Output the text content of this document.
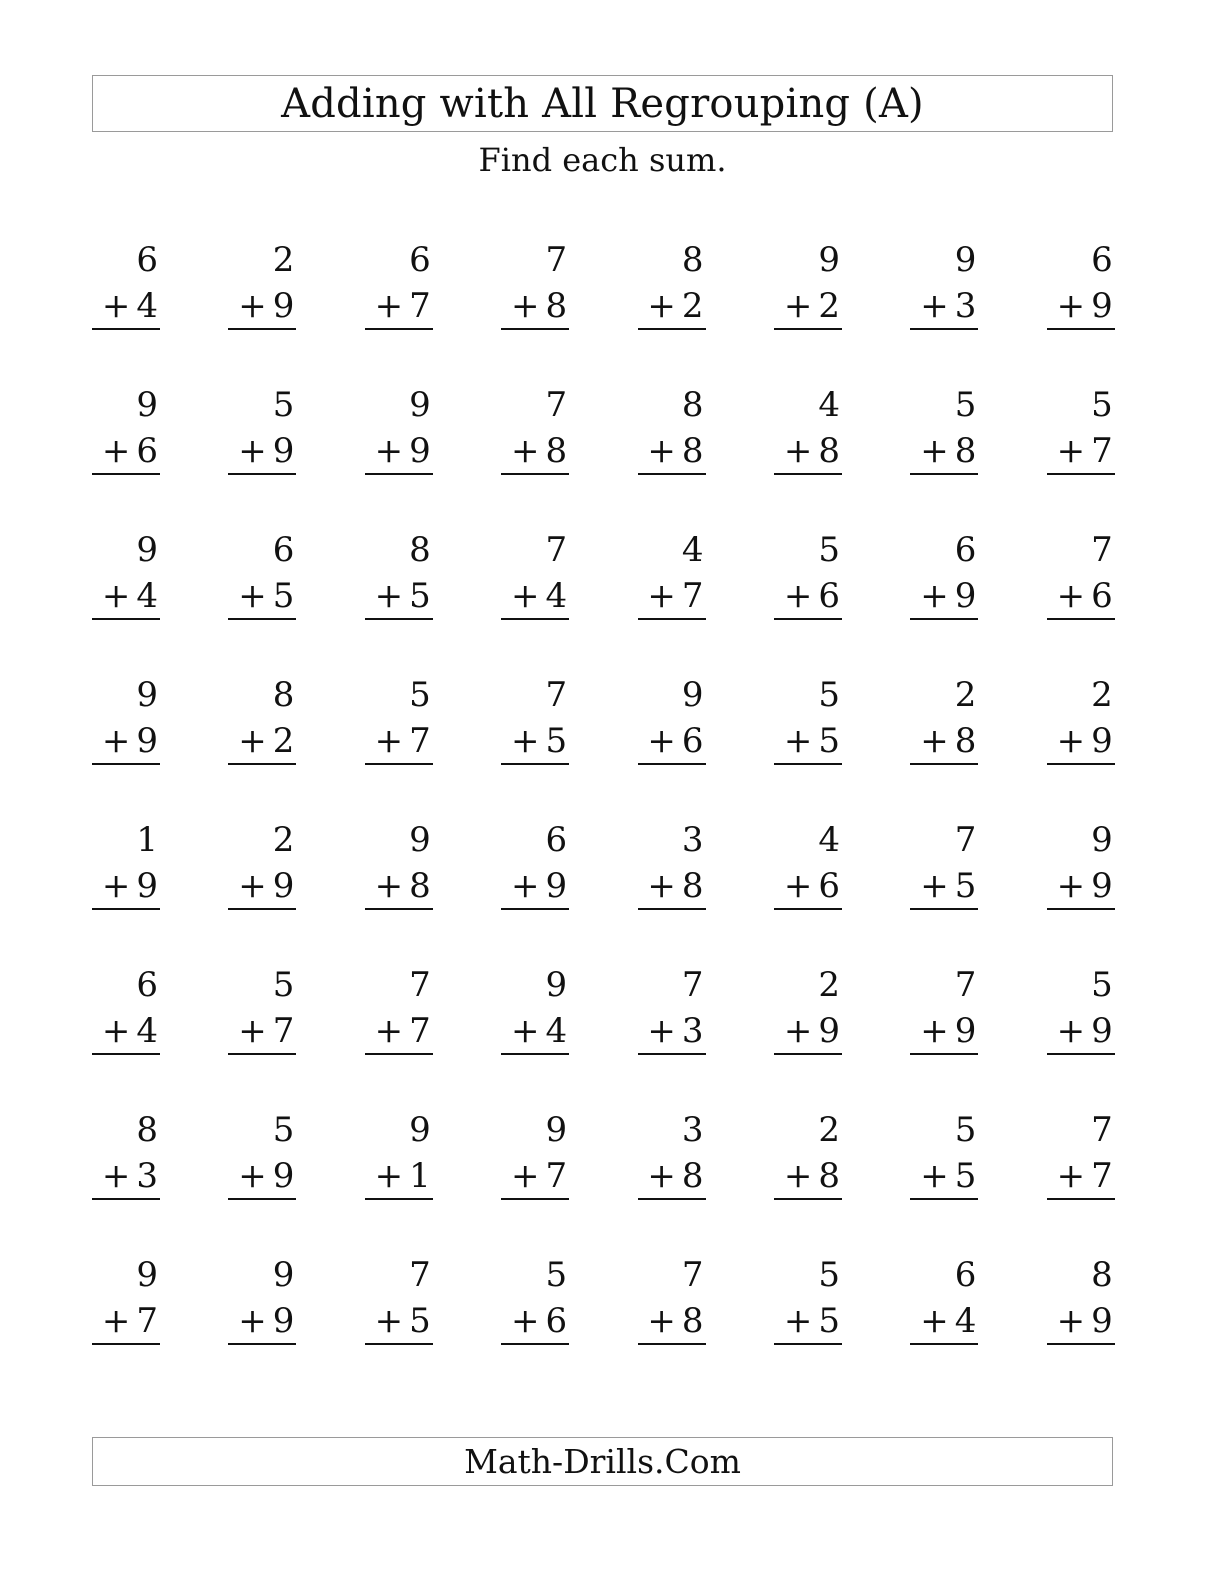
Adding with All Regrouping (A)
Find each sum.
6
+ 4
2
+ 9
6
+ 7
7
+ 8
8
+ 2
9
+ 2
9
+ 3
6
+ 9
9
+ 6
5
+ 9
9
+ 9
7
+ 8
8
+ 8
4
+ 8
5
+ 8
5
+ 7
9
+ 4
6
+ 5
8
+ 5
7
+ 4
4
+ 7
5
+ 6
6
+ 9
7
+ 6
9
+ 9
8
+ 2
5
+ 7
7
+ 5
9
+ 6
5
+ 5
2
+ 8
2
+ 9
1
+ 9
2
+ 9
9
+ 8
6
+ 9
3
+ 8
4
+ 6
7
+ 5
9
+ 9
6
+ 4
5
+ 7
7
+ 7
9
+ 4
7
+ 3
2
+ 9
7
+ 9
5
+ 9
8
+ 3
5
+ 9
9
+ 1
9
+ 7
3
+ 8
2
+ 8
5
+ 5
7
+ 7
9
+ 7
9
+ 9
7
+ 5
5
+ 6
7
+ 8
5
+ 5
6
+ 4
8
+ 9
Math-Drills.Com
